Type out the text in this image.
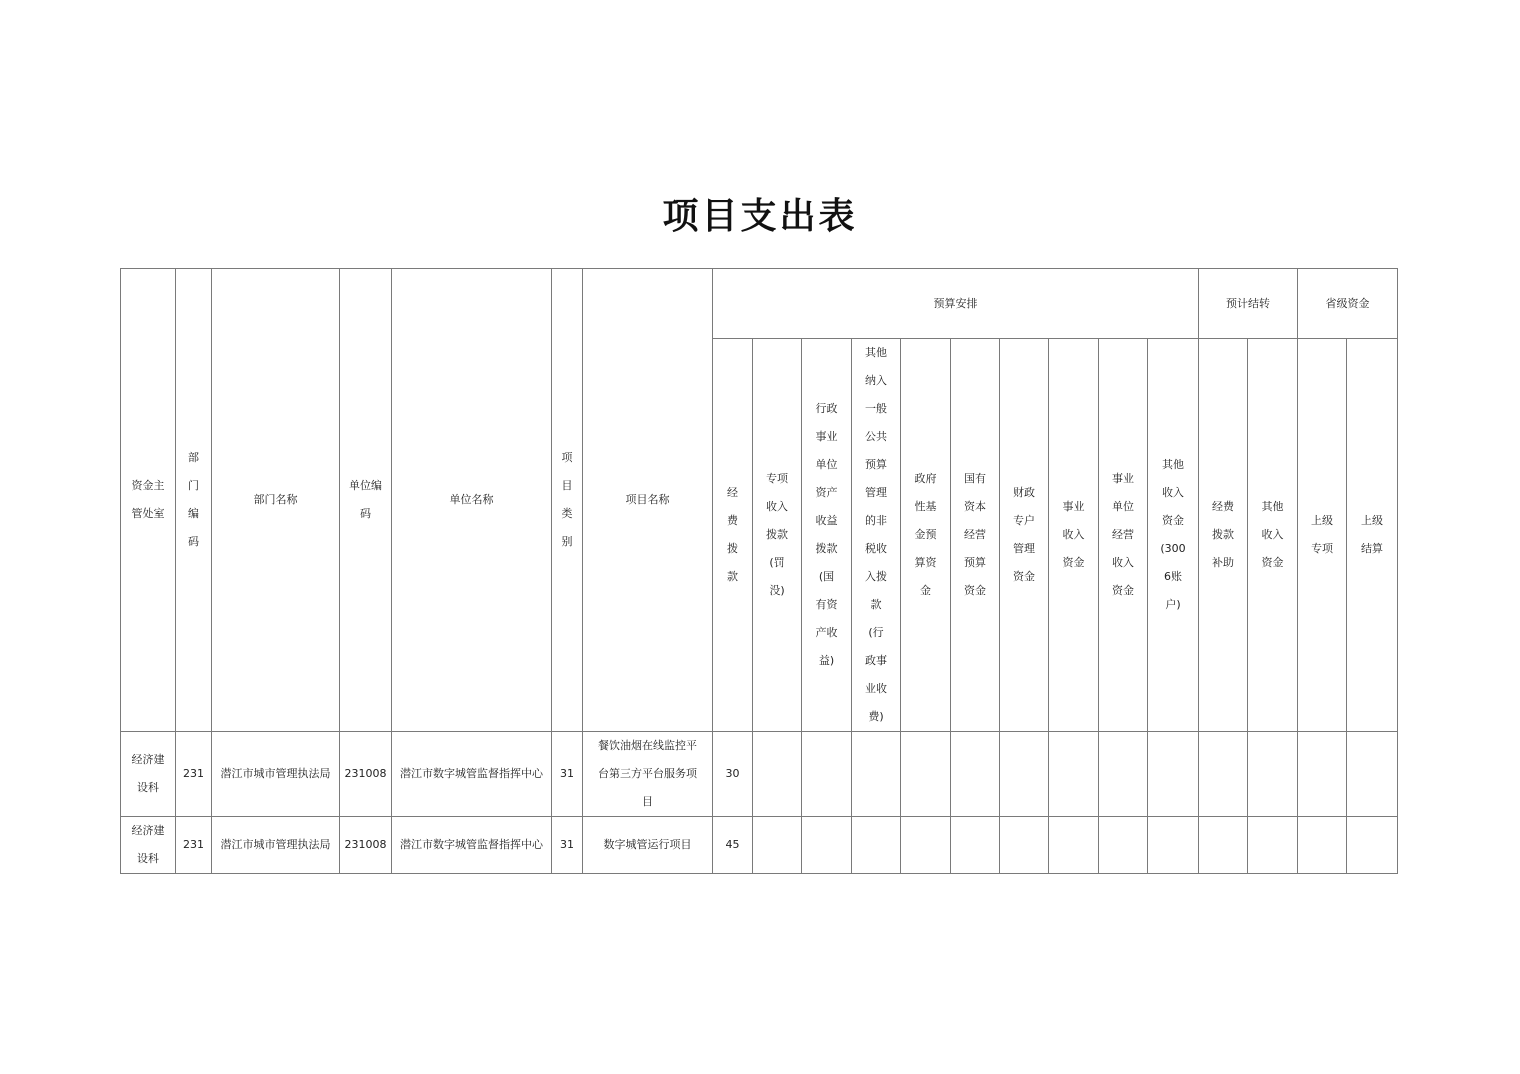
项目支出表
资金主管处室	部门编码	部门名称	单位编码	单位名称	项目类别	项目名称	预算安排										预计结转		省级资金	
							经费拨款	专项收入拨款(罚没)	行政事业单位资产收益拨款(国有资产收益)	其他纳入一般公共预算管理的非税收入拨款(行政事业收费)	政府性基金预算资金	国有资本经营预算资金	财政专户管理资金	事业收入资金	事业单位经营收入资金	其他收入资金(3006账户)	经费拨款补助	其他收入资金	上级专项	上级结算
经济建设科	231	潜江市城市管理执法局	231008	潜江市数字城管监督指挥中心	31	餐饮油烟在线监控平台第三方平台服务项目	30													
经济建设科	231	潜江市城市管理执法局	231008	潜江市数字城管监督指挥中心	31	数字城管运行项目	45													
